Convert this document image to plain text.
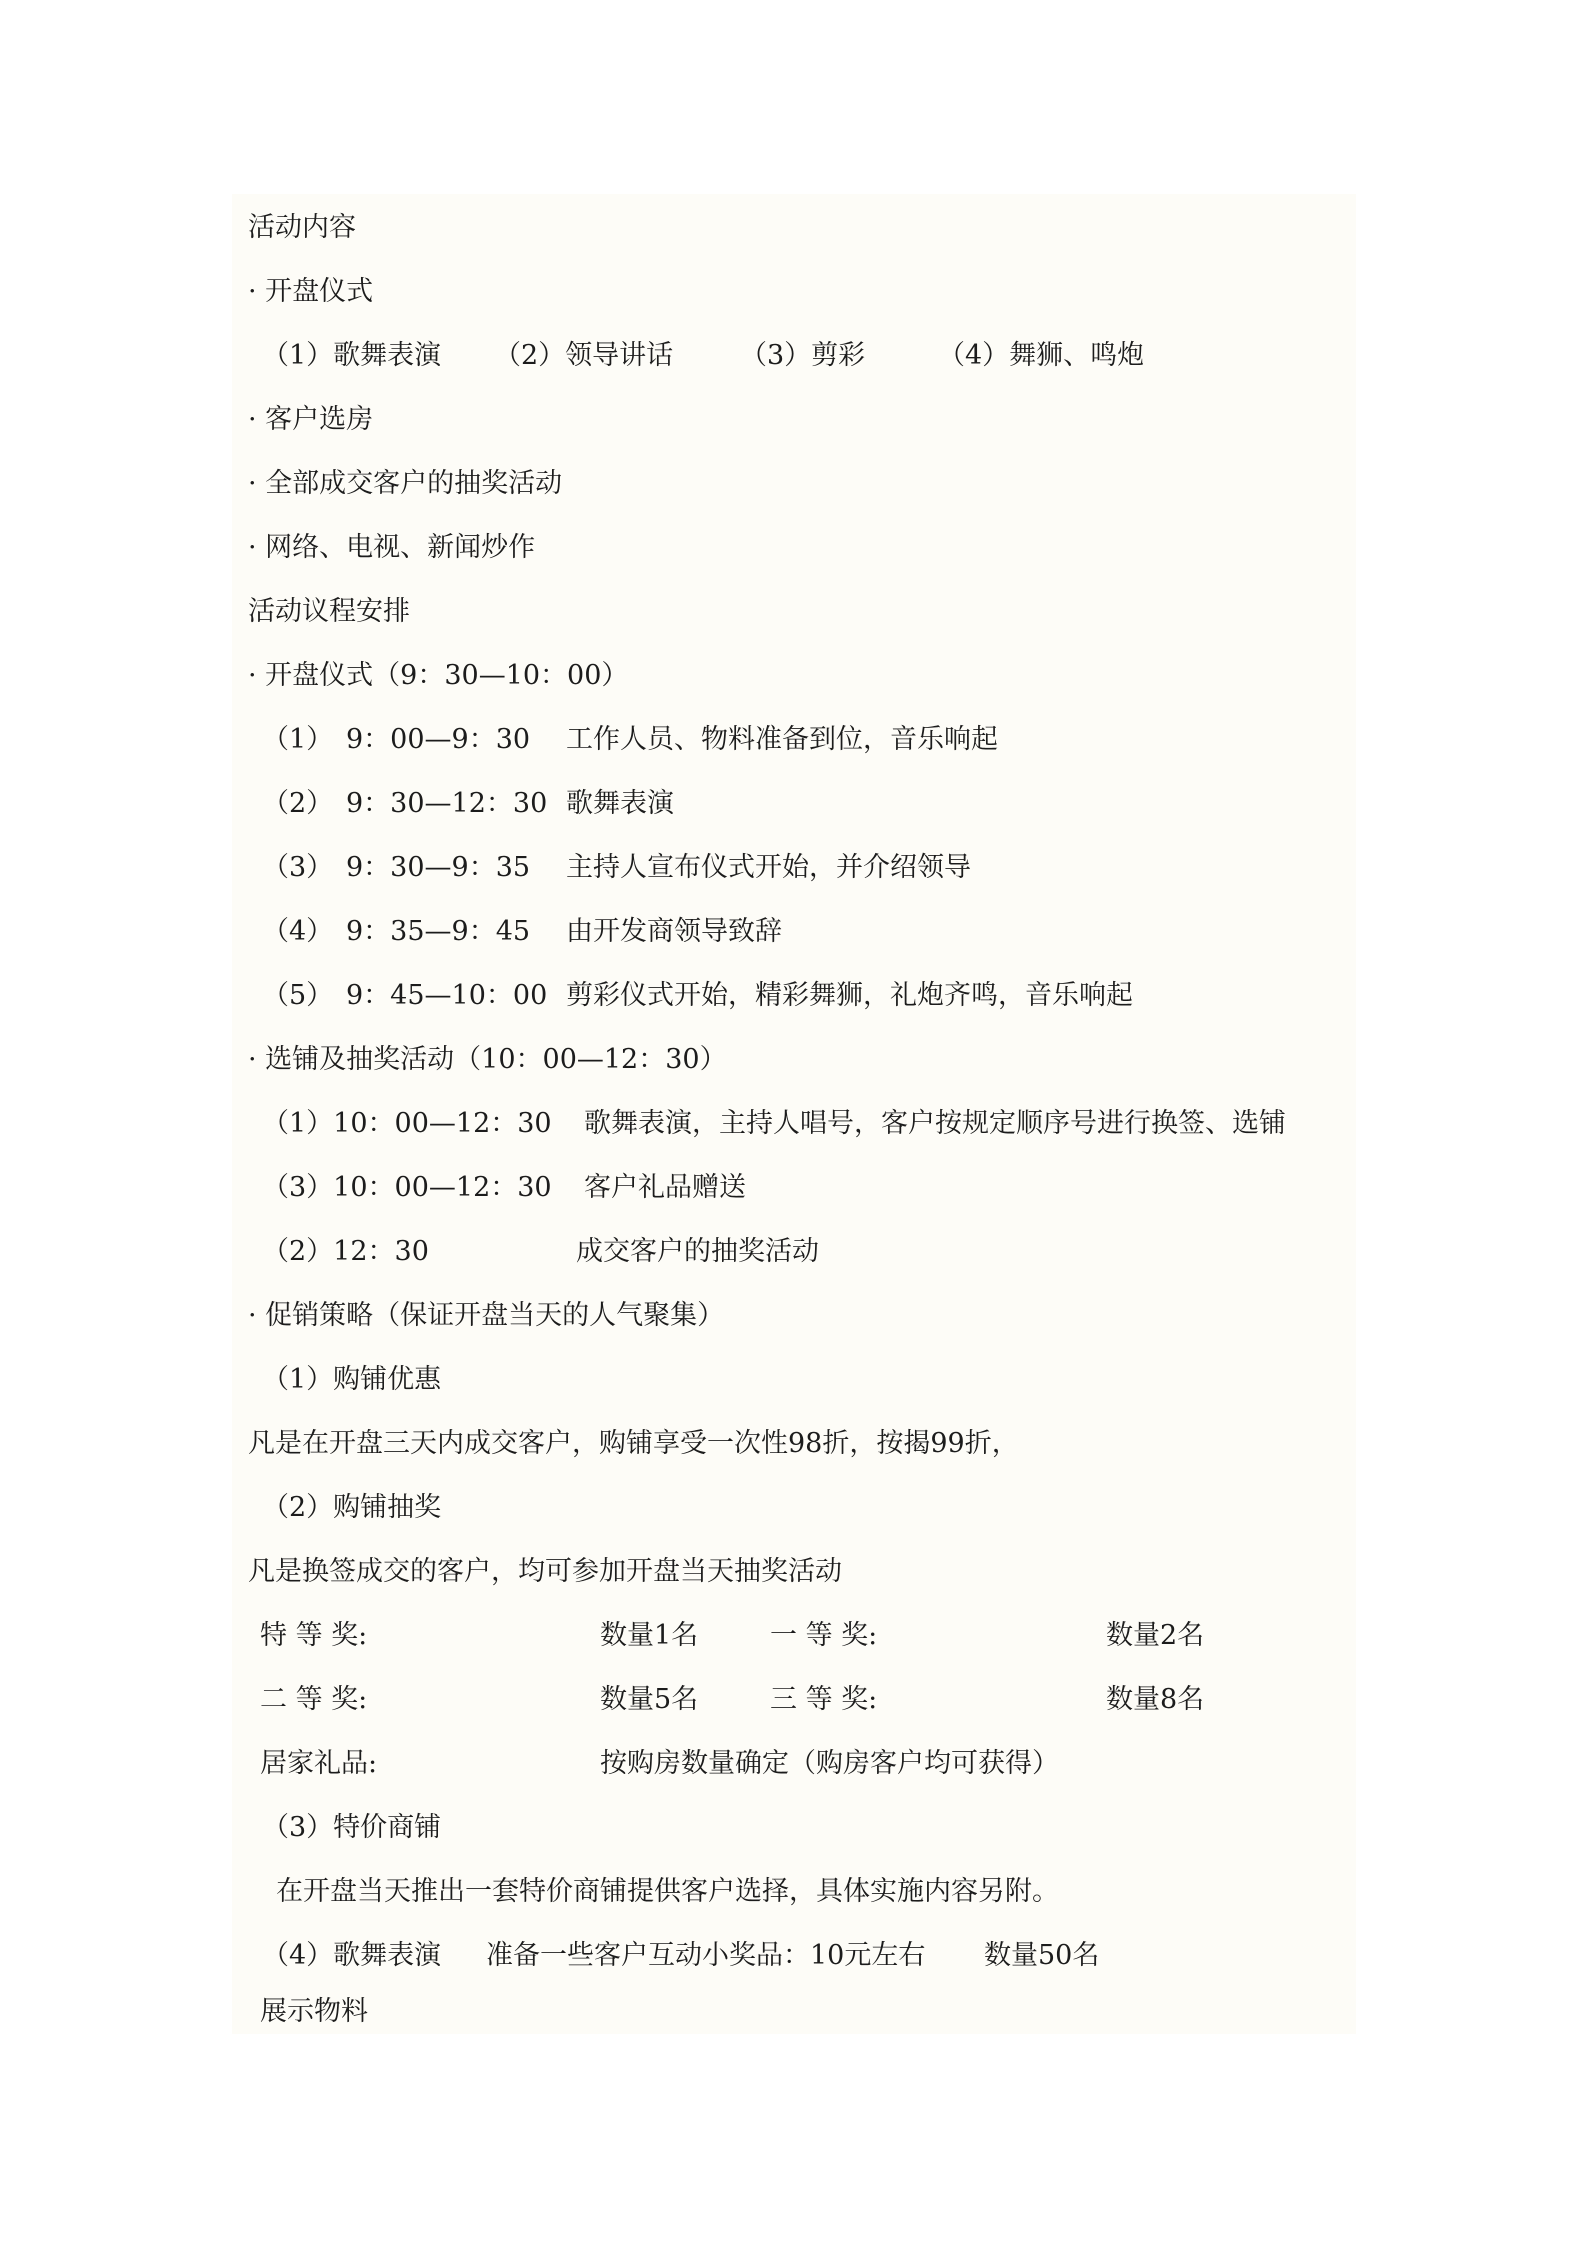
活动内容
· 开盘仪式
（1）歌舞表演 （2）领导讲话 （3）剪彩	（4）舞狮、鸣炮
· 客户选房
· 全部成交客户的抽奖活动
· 网络、电视、新闻炒作
活动议程安排
· 开盘仪式（9：30—10：00）
（1） 9：00—9：30 工作人员、物料准备到位，音乐响起
（2） 9：30—12：30 歌舞表演
（3） 9：30—9：35 主持人宣布仪式开始，并介绍领导
（4） 9：35—9：45 由开发商领导致辞
（5） 9：45—10：00 剪彩仪式开始，精彩舞狮，礼炮齐鸣，音乐响起
· 选铺及抽奖活动（10：00—12：30）
（1）10：00—12：30 歌舞表演，主持人唱号，客户按规定顺序号进行换签、选铺
（3）10：00—12：30 客户礼品赠送
（2）12：30	成交客户的抽奖活动
· 促销策略（保证开盘当天的人气聚集）
（1）购铺优惠
凡是在开盘三天内成交客户，购铺享受一次性98折，按揭99折，
（2）购铺抽奖
凡是换签成交的客户，均可参加开盘当天抽奖活动
特 等 奖:	数量1名	一 等 奖:	数量2名
二 等 奖:	数量5名	三 等 奖:	数量8名
居家礼品:	按购房数量确定（购房客户均可获得）
（3）特价商铺
在开盘当天推出一套特价商铺提供客户选择，具体实施内容另附。
（4）歌舞表演 准备一些客户互动小奖品：10元左右 数量50名
展示物料
